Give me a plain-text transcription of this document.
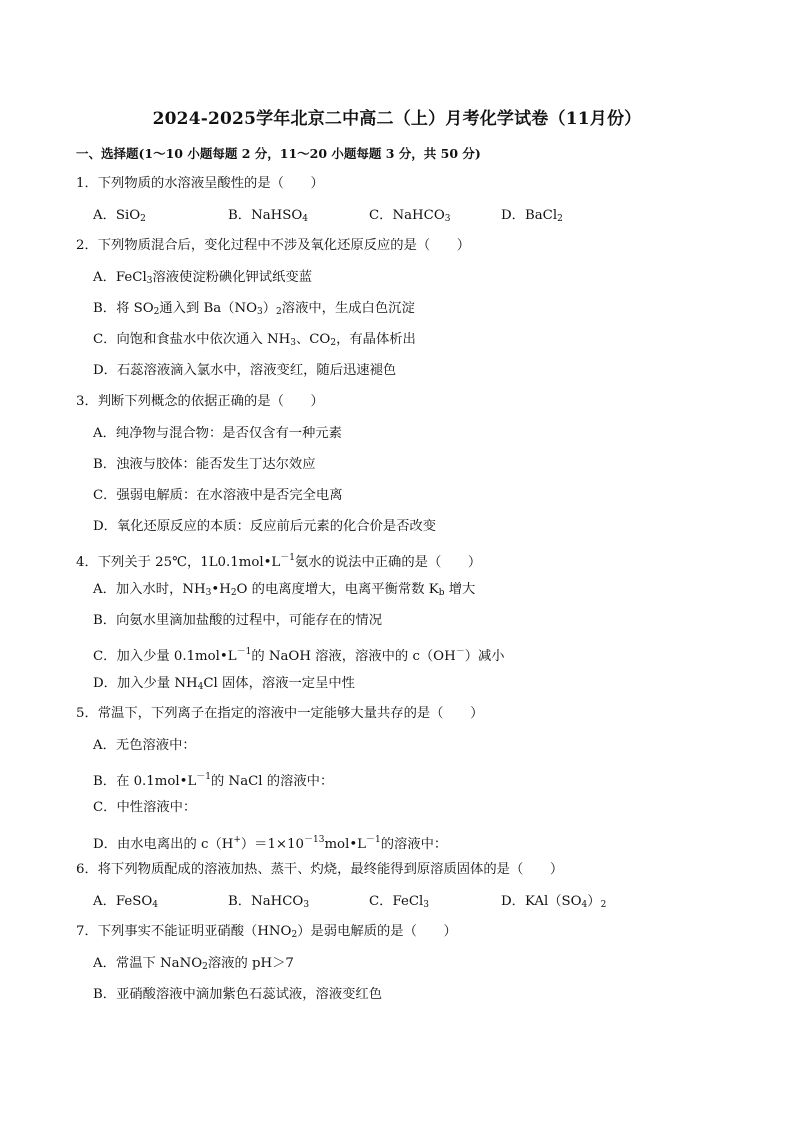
2024-2025学年北京二中高二（上）月考化学试卷（11月份）
一、选择题(1～10 小题每题 2 分，11～20 小题每题 3 分，共 50 分)
1．下列物质的水溶液呈酸性的是（　　）
A．SiO$_2$	B．NaHSO$_4$	C．NaHCO$_3$	D．BaCl$_2$
2．下列物质混合后，变化过程中不涉及氧化还原反应的是（　　）
A．FeCl$_3$溶液使淀粉碘化钾试纸变蓝
B．将 $SO_2$通入到 $Ba(NO_3)_2$溶液中，生成白色沉淀
C．向饱和食盐水中依次通入 $NH_3$、$CO_2$，有晶体析出
D．石蕊溶液滴入氯水中，溶液变红，随后迅速褪色
3．判断下列概念的依据正确的是（　　）
A．纯净物与混合物：是否仅含有一种元素
B．浊液与胶体：能否发生丁达尔效应
C．强弱电解质：在水溶液中是否完全电离
D．氧化还原反应的本质：反应前后元素的化合价是否改变
4．下列关于 25℃，$1L0.1mol•L^{-1}$氨水的说法中正确的是（　　）
A．加入水时，$NH_3•H_2O$ 的电离度增大，电离平衡常数 $K_b$ 增大
B．向氨水里滴加盐酸的过程中，可能存在的情况
C．加入少量 $0.1mol•L^{-1}$的 NaOH 溶液，溶液中的 c（OH－）减小
D．加入少量 $NH_4Cl$ 固体，溶液一定呈中性
5．常温下，下列离子在指定的溶液中一定能够大量共存的是（　　）
A．无色溶液中：
B．在 $0.1mol•L^{-1}$的 NaCl 的溶液中：
C．中性溶液中：
D．由水电离出的 $c(H^+)=1\times 10^{-13}mol•L^{-1}$的溶液中：
6．将下列物质配成的溶液加热、蒸干、灼烧，最终能得到原溶质固体的是（　　）
A．FeSO$_4$	B．NaHCO$_3$	C．FeCl$_3$	D．$KAl(SO_4)_2$
7．下列事实不能证明亚硝酸$(HNO_2)$是弱电解质的是（　　）
A．常温下 NaNO$_2$溶液的 pH＞7
B．亚硝酸溶液中滴加紫色石蕊试液，溶液变红色
